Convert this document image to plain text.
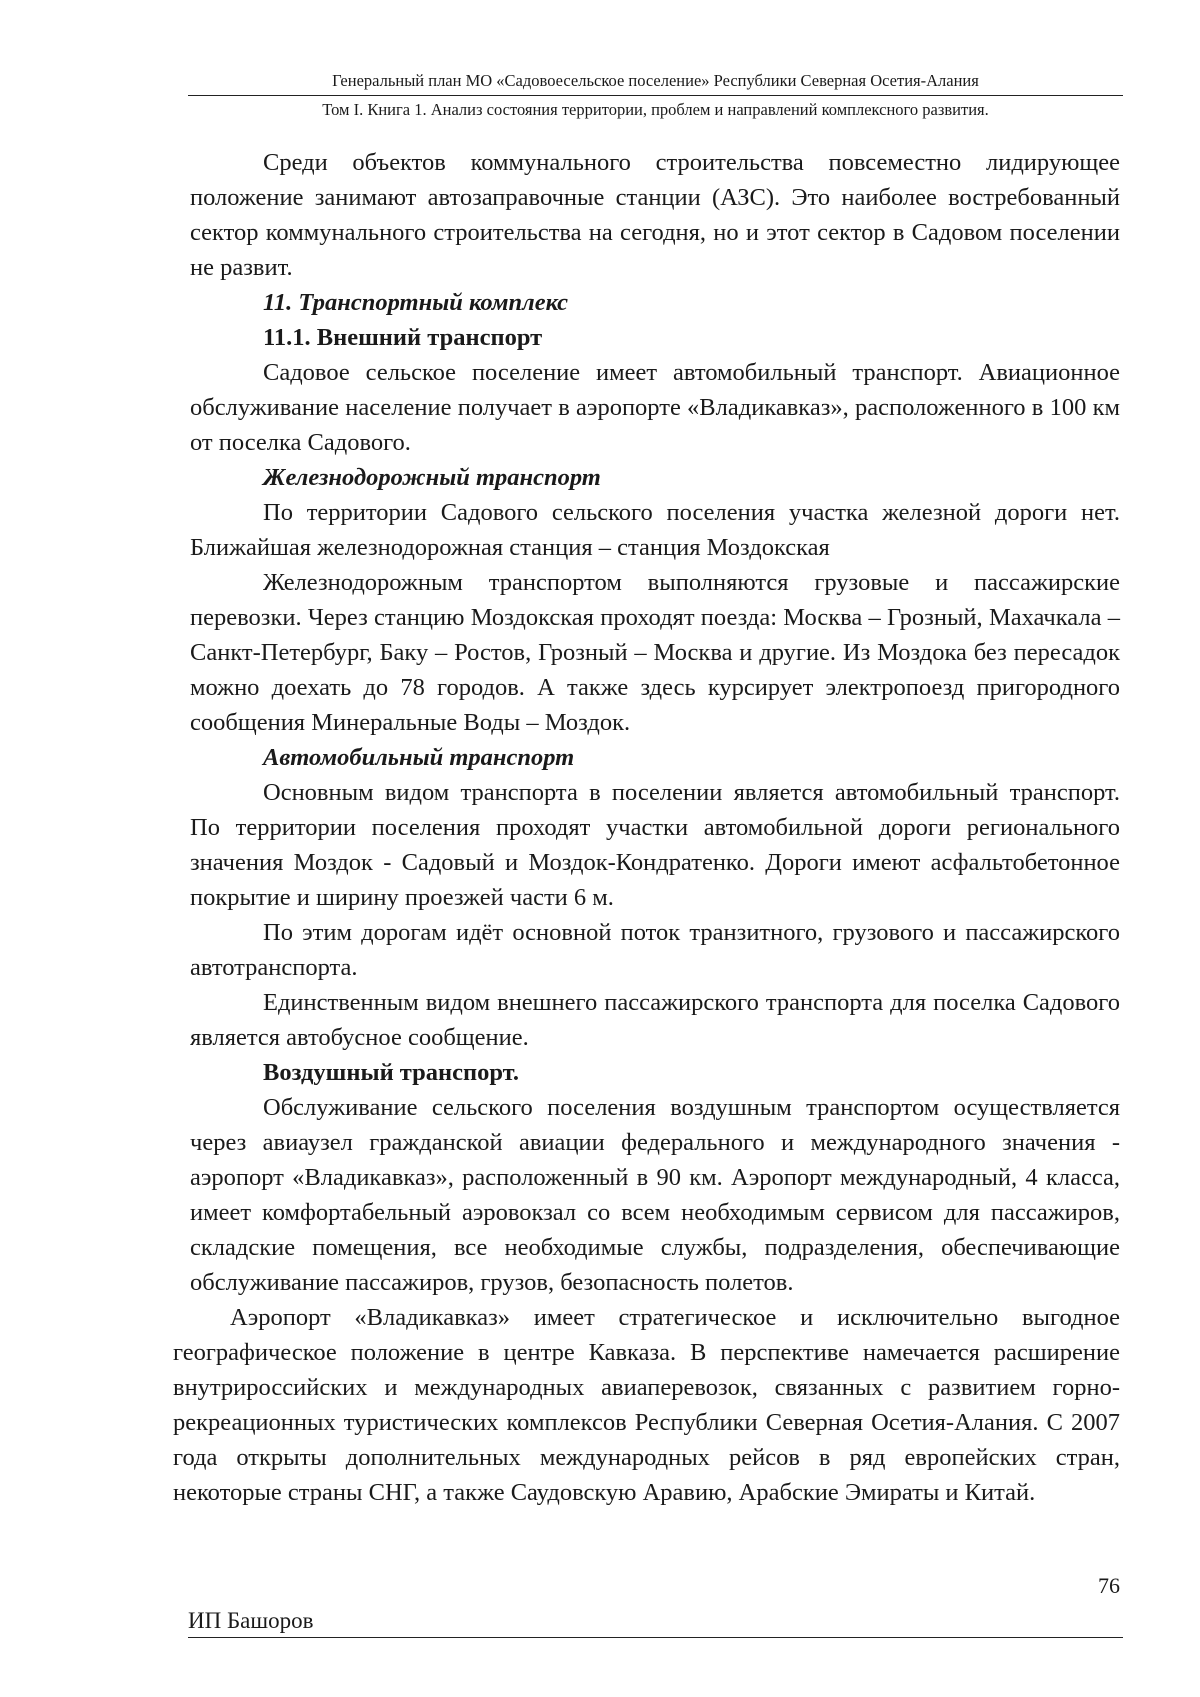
Генеральный план МО «Садовоесельское поселение» Республики Северная Осетия-Алания
Том I. Книга 1. Анализ состояния территории, проблем и направлений комплексного развития.

Среди объектов коммунального строительства повсеместно лидирующее положение занимают автозаправочные станции (АЗС). Это наиболее востребованный сектор коммунального строительства на сегодня, но и этот сектор в Садовом поселении не развит.

11. Транспортный комплекс

11.1. Внешний транспорт

Садовое сельское поселение имеет автомобильный транспорт. Авиационное обслуживание население получает в аэропорте «Владикавказ», расположенного в 100 км от поселка Садового.

Железнодорожный транспорт

По территории Садового сельского поселения участка железной дороги нет. Ближайшая железнодорожная станция – станция Моздокская

Железнодорожным транспортом выполняются грузовые и пассажирские перевозки. Через станцию Моздокская проходят поезда: Москва – Грозный, Махачкала – Санкт-Петербург, Баку – Ростов, Грозный – Москва и другие. Из Моздока без пересадок можно доехать до 78 городов. А также здесь курсирует электропоезд пригородного сообщения Минеральные Воды – Моздок.

Автомобильный транспорт

Основным видом транспорта в поселении является автомобильный транспорт. По территории поселения проходят участки автомобильной дороги регионального значения Моздок - Садовый и Моздок-Кондратенко. Дороги имеют асфальтобетонное покрытие и ширину проезжей части 6 м.

По этим дорогам идёт основной поток транзитного, грузового и пассажирского автотранспорта.

Единственным видом внешнего пассажирского транспорта для поселка Садового является автобусное сообщение.

Воздушный транспорт.

Обслуживание сельского поселения воздушным транспортом осуществляется через авиаузел гражданской авиации федерального и международного значения - аэропорт «Владикавказ», расположенный в 90 км. Аэропорт международный, 4 класса, имеет комфортабельный аэровокзал со всем необходимым сервисом для пассажиров, складские помещения, все необходимые службы, подразделения, обеспечивающие обслуживание пассажиров, грузов, безопасность полетов.

Аэропорт «Владикавказ» имеет стратегическое и исключительно выгодное географическое положение в центре Кавказа. В перспективе намечается расширение внутрироссийских и международных авиаперевозок, связанных с развитием горно-рекреационных туристических комплексов Республики Северная Осетия-Алания. С 2007 года открыты дополнительных международных рейсов в ряд европейских стран, некоторые страны СНГ, а также Саудовскую Аравию, Арабские Эмираты и Китай.

76
ИП Башоров
